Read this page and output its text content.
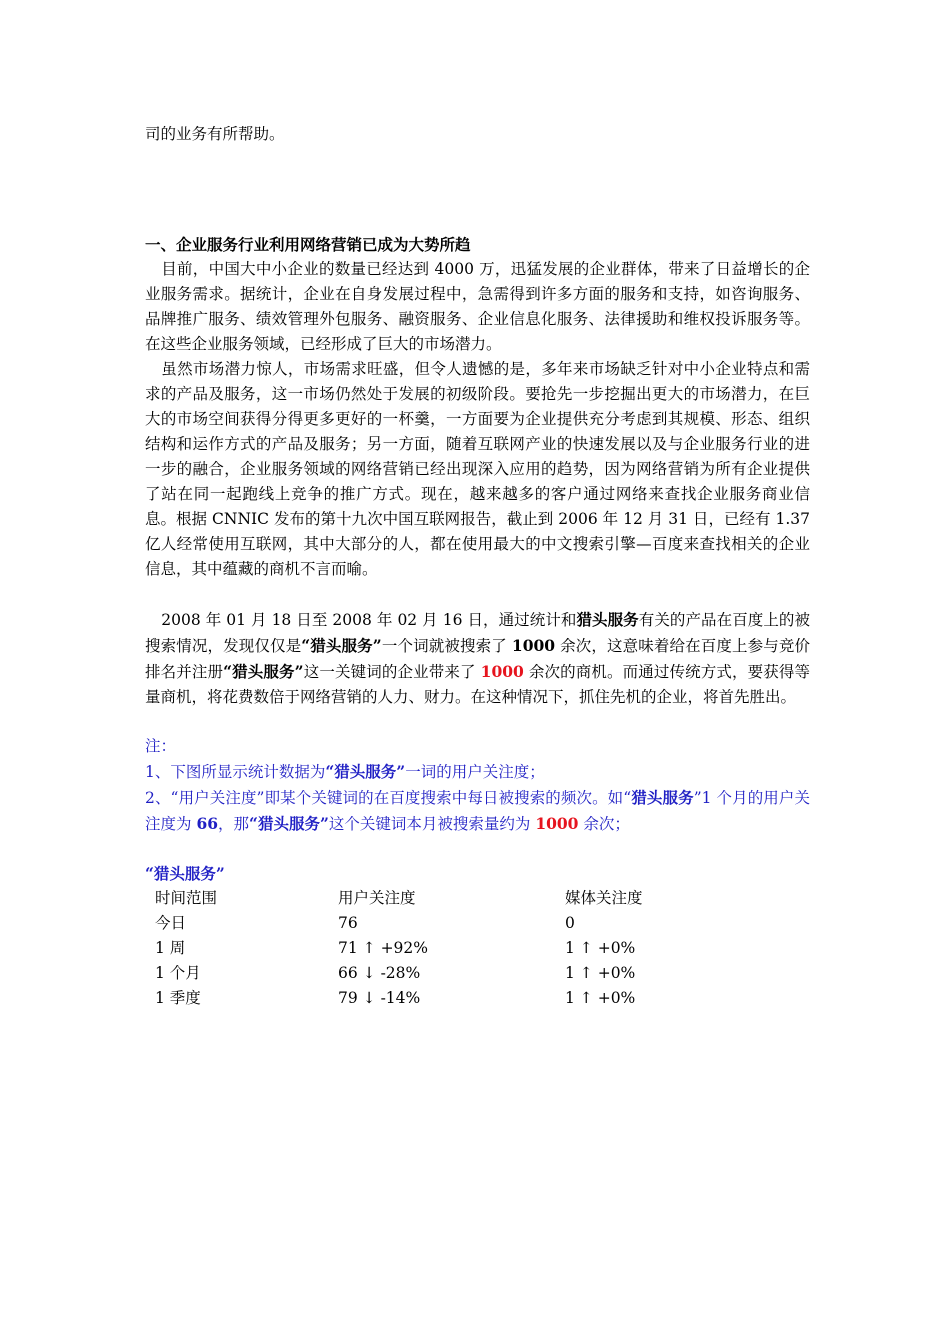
司的业务有所帮助。

一、企业服务行业利用网络营销已成为大势所趋

目前，中国大中小企业的数量已经达到 4000 万，迅猛发展的企业群体，带来了日益增长的企业服务需求。据统计，企业在自身发展过程中，急需得到许多方面的服务和支持，如咨询服务、品牌推广服务、绩效管理外包服务、融资服务、企业信息化服务、法律援助和维权投诉服务等。在这些企业服务领域，已经形成了巨大的市场潜力。

虽然市场潜力惊人，市场需求旺盛，但令人遗憾的是，多年来市场缺乏针对中小企业特点和需求的产品及服务，这一市场仍然处于发展的初级阶段。要抢先一步挖掘出更大的市场潜力，在巨大的市场空间获得分得更多更好的一杯羹，一方面要为企业提供充分考虑到其规模、形态、组织结构和运作方式的产品及服务；另一方面，随着互联网产业的快速发展以及与企业服务行业的进一步的融合，企业服务领域的网络营销已经出现深入应用的趋势，因为网络营销为所有企业提供了站在同一起跑线上竞争的推广方式。现在，越来越多的客户通过网络来查找企业服务商业信息。根据 CNNIC 发布的第十九次中国互联网报告，截止到 2006 年 12 月 31 日，已经有 1.37 亿人经常使用互联网，其中大部分的人，都在使用最大的中文搜索引擎—百度来查找相关的企业信息，其中蕴藏的商机不言而喻。

2008 年 01 月 18 日至 2008 年 02 月 16 日，通过统计和猎头服务有关的产品在百度上的被搜索情况，发现仅仅是“猎头服务”一个词就被搜索了 1000 余次，这意味着给在百度上参与竞价排名并注册“猎头服务”这一关键词的企业带来了 1000 余次的商机。而通过传统方式，要获得等量商机，将花费数倍于网络营销的人力、财力。在这种情况下，抓住先机的企业，将首先胜出。

注：

1、下图所显示统计数据为“猎头服务”一词的用户关注度；

2、“用户关注度”即某个关键词的在百度搜索中每日被搜索的频次。如“猎头服务”1 个月的用户关注度为 66，那“猎头服务”这个关键词本月被搜索量约为 1000 余次；

“猎头服务”
时间范围	用户关注度	媒体关注度
今日	76	0
1 周	71 ↑ +92%	1 ↑ +0%
1 个月	66 ↓ -28%	1 ↑ +0%
1 季度	79 ↓ -14%	1 ↑ +0%
